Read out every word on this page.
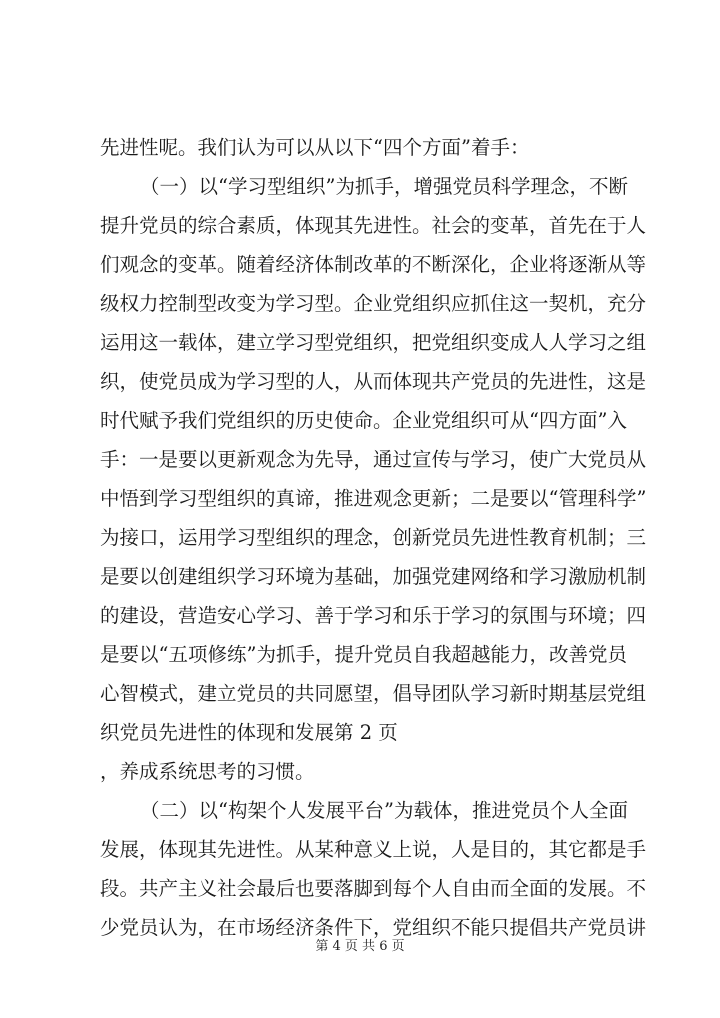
先进性呢。我们认为可以从以下“四个方面”着手：
（一）以“学习型组织”为抓手，增强党员科学理念，不断
提升党员的综合素质，体现其先进性。社会的变革，首先在于人
们观念的变革。随着经济体制改革的不断深化，企业将逐渐从等
级权力控制型改变为学习型。企业党组织应抓住这一契机，充分
运用这一载体，建立学习型党组织，把党组织变成人人学习之组
织，使党员成为学习型的人，从而体现共产党员的先进性，这是
时代赋予我们党组织的历史使命。企业党组织可从“四方面”入
手：一是要以更新观念为先导，通过宣传与学习，使广大党员从
中悟到学习型组织的真谛，推进观念更新；二是要以“管理科学”
为接口，运用学习型组织的理念，创新党员先进性教育机制；三
是要以创建组织学习环境为基础，加强党建网络和学习激励机制
的建设，营造安心学习、善于学习和乐于学习的氛围与环境；四
是要以“五项修练”为抓手，提升党员自我超越能力，改善党员
心智模式，建立党员的共同愿望，倡导团队学习新时期基层党组
织党员先进性的体现和发展第 2 页
，养成系统思考的习惯。
（二）以“构架个人发展平台”为载体，推进党员个人全面
发展，体现其先进性。从某种意义上说，人是目的，其它都是手
段。共产主义社会最后也要落脚到每个人自由而全面的发展。不
少党员认为，在市场经济条件下，党组织不能只提倡共产党员讲
第 4 页 共 6 页
